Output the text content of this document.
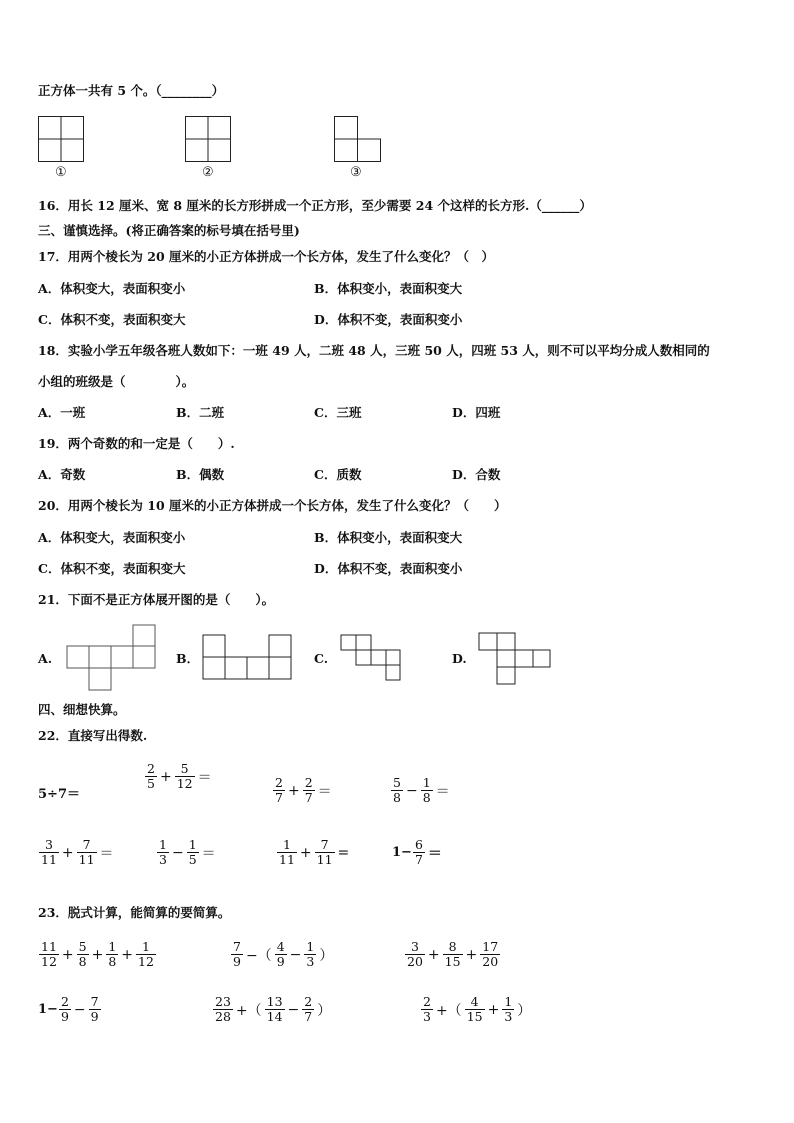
正方体一共有 5 个。（________）
①	②	③
16．用长 12 厘米、宽 8 厘米的长方形拼成一个正方形，至少需要 24 个这样的长方形.（______）
三、谨慎选择。(将正确答案的标号填在括号里)
17．用两个棱长为 20 厘米的小正方体拼成一个长方体，发生了什么变化？（　）
A．体积变大，表面积变小	B．体积变小，表面积变大
C．体积不变，表面积变大	D．体积不变，表面积变小
18．实验小学五年级各班人数如下：一班 49 人，二班 48 人，三班 50 人，四班 53 人，则不可以平均分成人数相同的
小组的班级是（　　　　）。
A．一班	B．二班	C．三班	D．四班
19．两个奇数的和一定是（　　）.
A．奇数	B．偶数	C．质数	D．合数
20．用两个棱长为 10 厘米的小正方体拼成一个长方体，发生了什么变化？（　　）
A．体积变大，表面积变小	B．体积变小，表面积变大
C．体积不变，表面积变大	D．体积不变，表面积变小
21．下面不是正方体展开图的是（　　）。
A.	B．	C.	D.
四、细想快算。
22．直接写出得数.
5÷7＝
$\frac{2}{5} + \frac{5}{12}$ ＝	$\frac{2}{7} + \frac{2}{7}$ ＝	$\frac{5}{8} - \frac{1}{8}$ ＝
$\frac{3}{11} + \frac{7}{11}$ ＝	$\frac{1}{3} - \frac{1}{5}$ ＝	$\frac{1}{11} + \frac{7}{11}$ =	$1- \frac{6}{7}$ ＝
23．脱式计算，能简算的要简算。
$\frac{11}{12} + \frac{5}{8} + \frac{1}{8} + \frac{1}{12}$	$\frac{7}{9}$ −（ $\frac{4}{9} - \frac{1}{3}$ ）	$\frac{3}{20} + \frac{8}{15} + \frac{17}{20}$
$1- \frac{2}{9} - \frac{7}{9}$	$\frac{23}{28}$ +（ $\frac{13}{14} - \frac{2}{7}$ ）	$\frac{2}{3}$ +（ $\frac{4}{15} + \frac{1}{3}$ ）
